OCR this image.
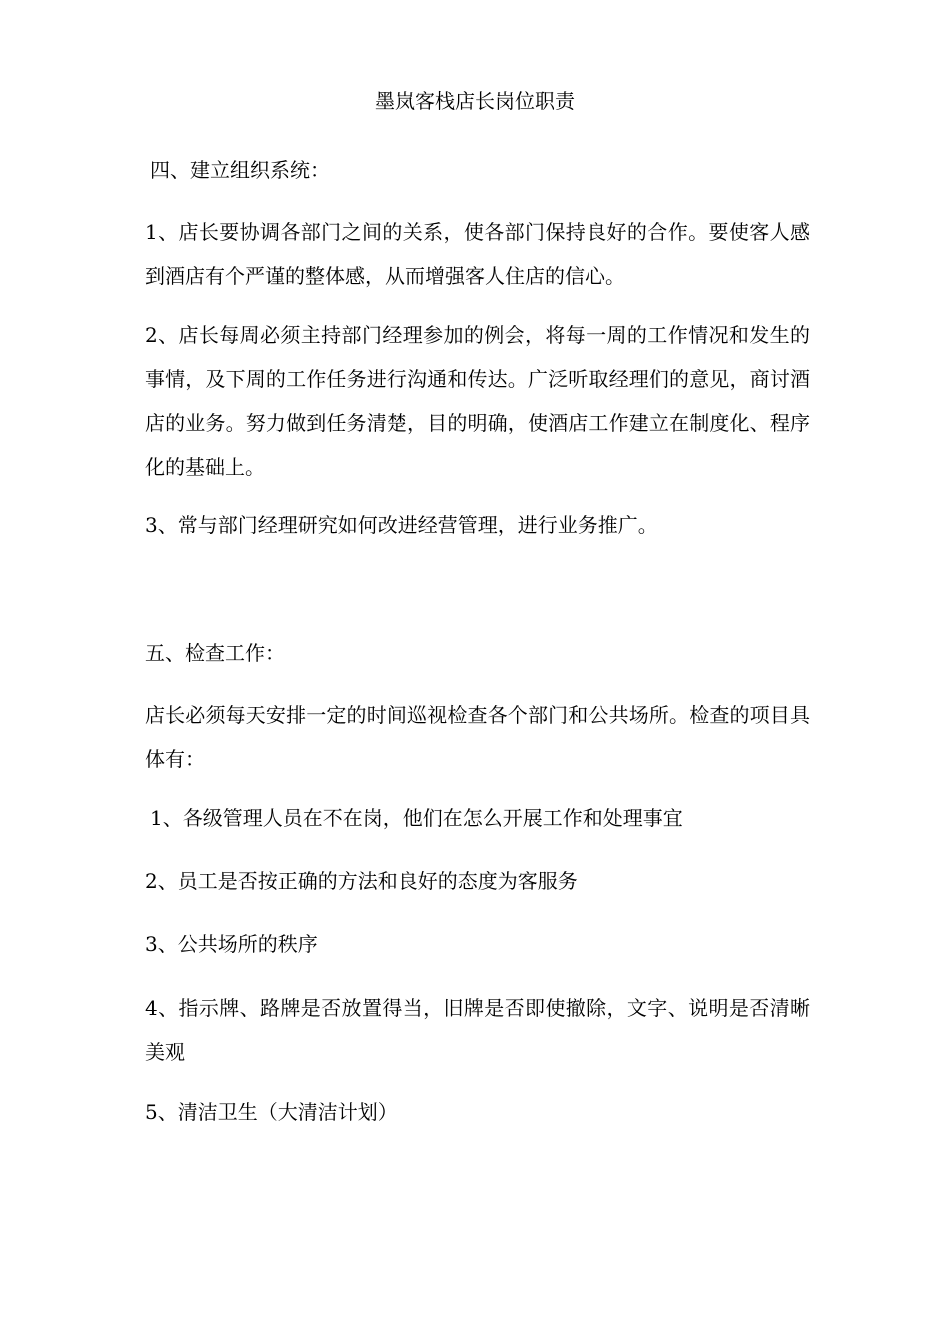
墨岚客栈店长岗位职责

四、建立组织系统：

1、店长要协调各部门之间的关系，使各部门保持良好的合作。要使客人感到酒店有个严谨的整体感，从而增强客人住店的信心。

2、店长每周必须主持部门经理参加的例会，将每一周的工作情况和发生的事情，及下周的工作任务进行沟通和传达。广泛听取经理们的意见，商讨酒店的业务。努力做到任务清楚，目的明确，使酒店工作建立在制度化、程序化的基础上。

3、常与部门经理研究如何改进经营管理，进行业务推广。

五、检查工作：

店长必须每天安排一定的时间巡视检查各个部门和公共场所。检查的项目具体有：

1、各级管理人员在不在岗，他们在怎么开展工作和处理事宜

2、员工是否按正确的方法和良好的态度为客服务

3、公共场所的秩序

4、指示牌、路牌是否放置得当，旧牌是否即使撤除，文字、说明是否清晰美观

5、清洁卫生（大清洁计划）
